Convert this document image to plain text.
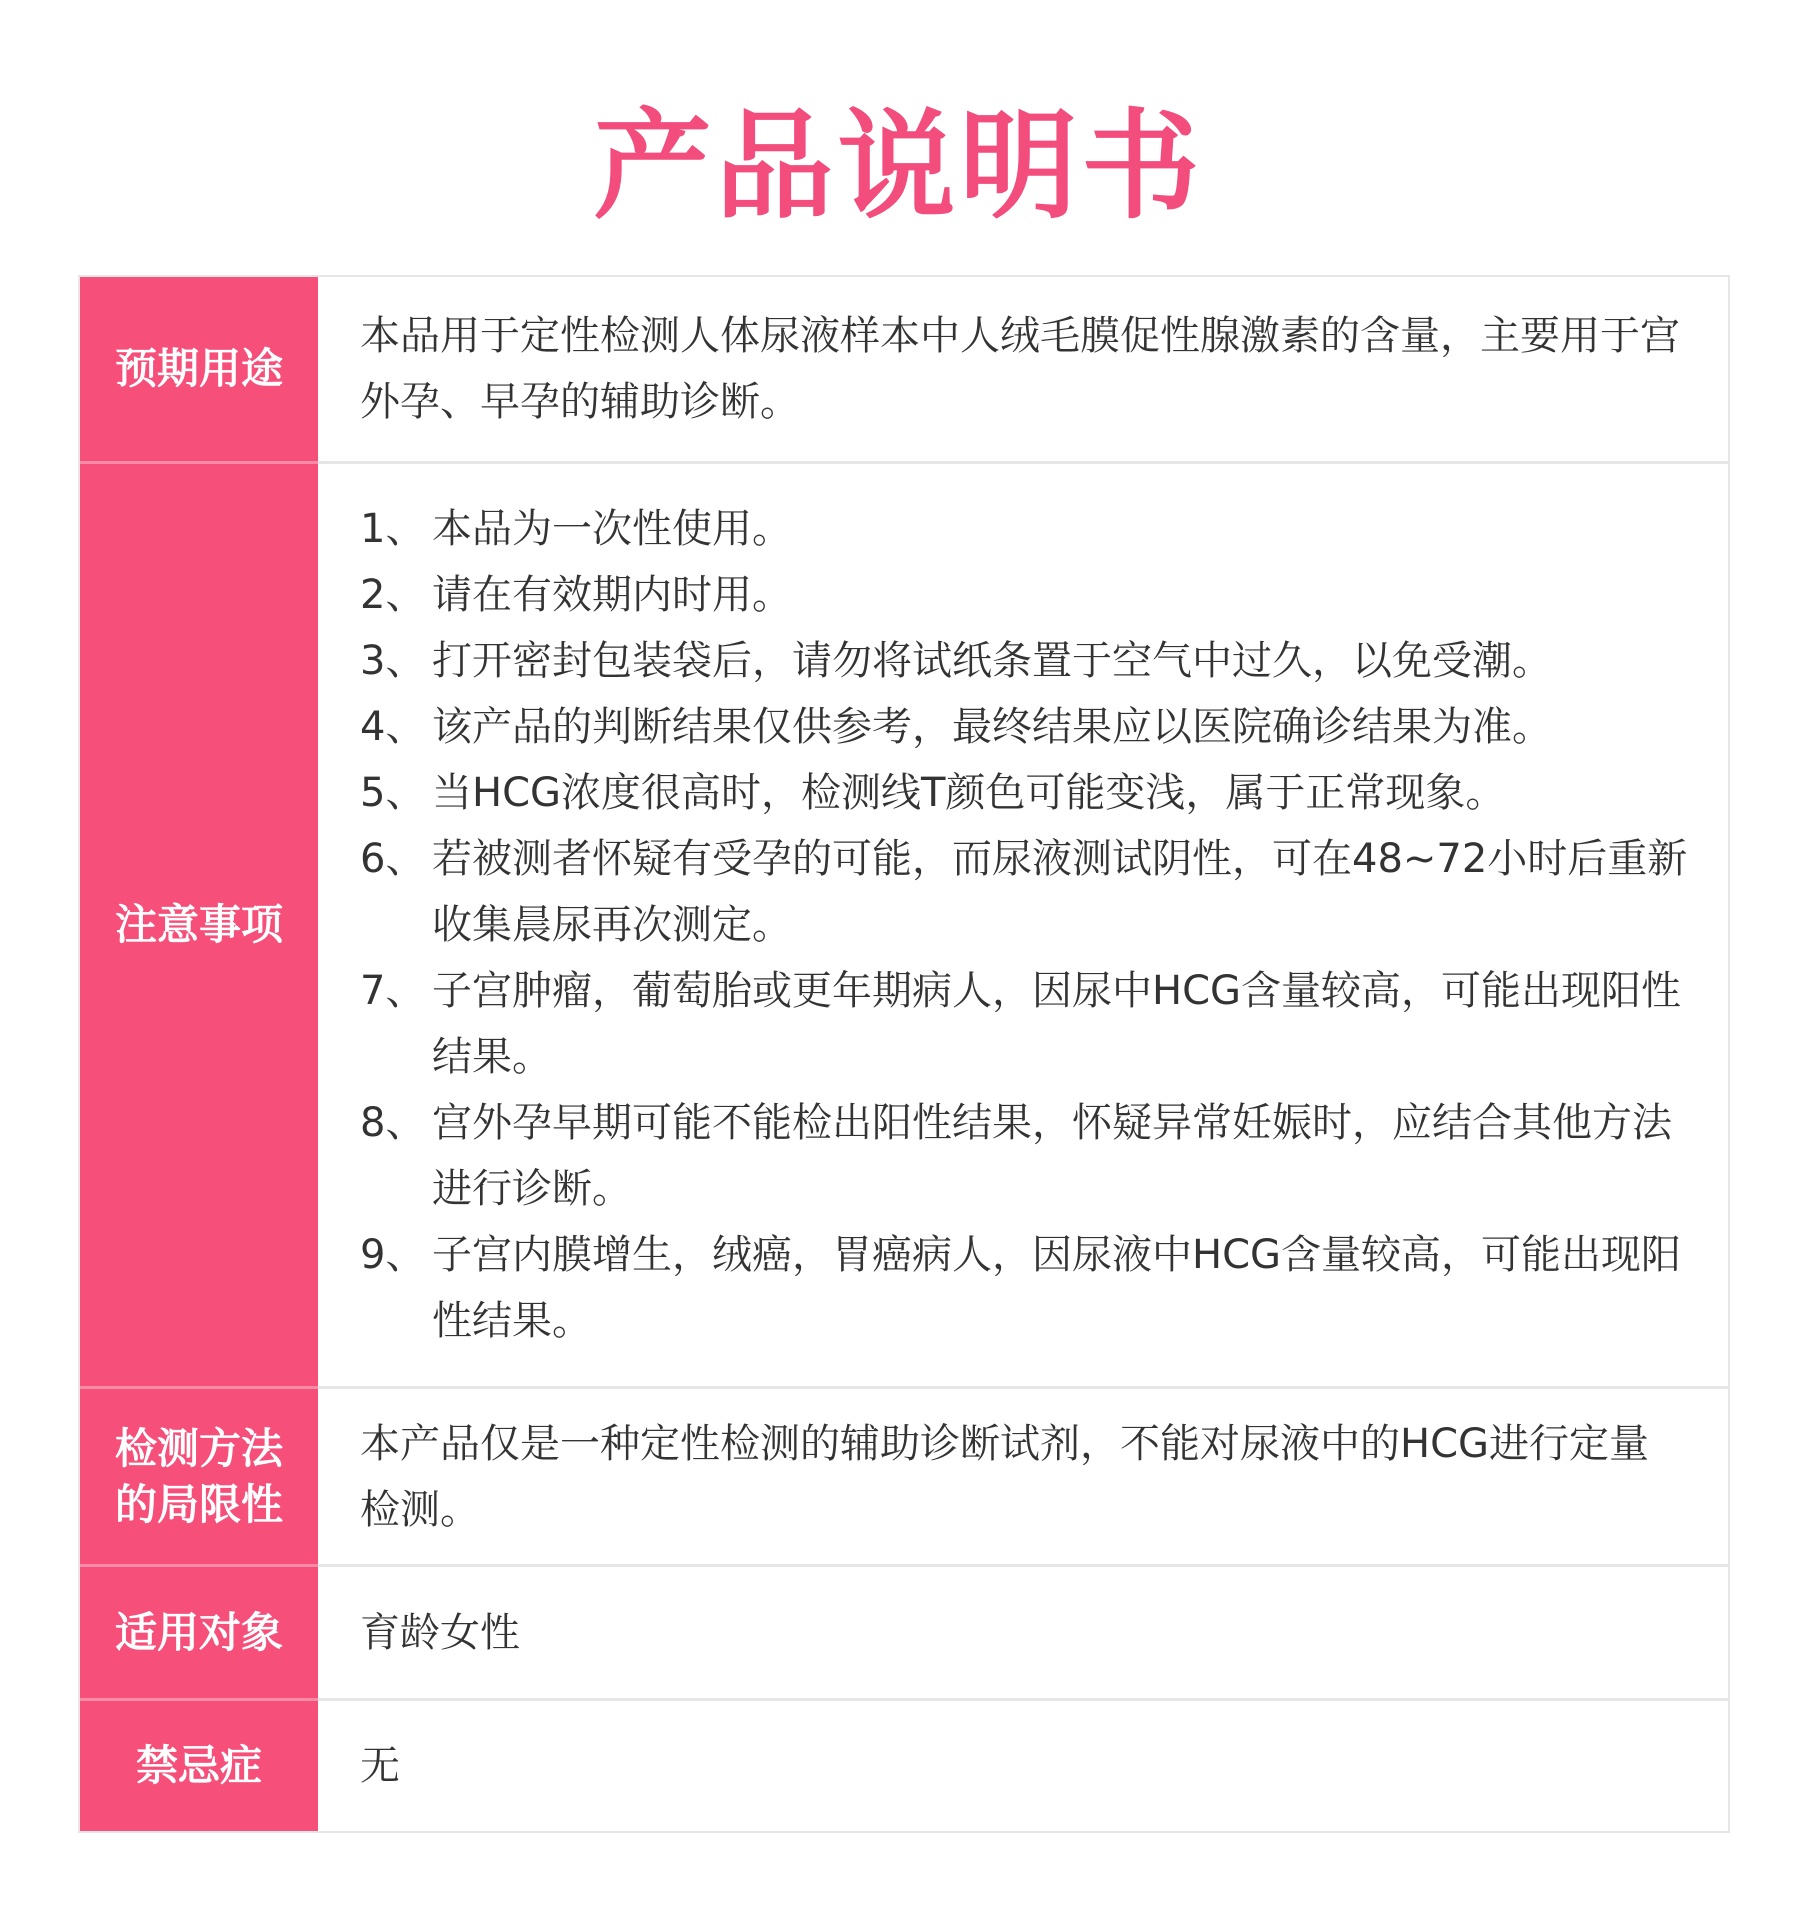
产品说明书
预期用途
本品用于定性检测人体尿液样本中人绒毛膜促性腺激素的含量，主要用于宫外孕、早孕的辅助诊断。
注意事项
1、 本品为一次性使用。
2、 请在有效期内时用。
3、 打开密封包装袋后，请勿将试纸条置于空气中过久，以免受潮。
4、 该产品的判断结果仅供参考，最终结果应以医院确诊结果为准。
5、 当HCG浓度很高时，检测线T颜色可能变浅，属于正常现象。
6、 若被测者怀疑有受孕的可能，而尿液测试阴性，可在48~72小时后重新收集晨尿再次测定。
7、 子宫肿瘤，葡萄胎或更年期病人，因尿中HCG含量较高，可能出现阳性结果。
8、 宫外孕早期可能不能检出阳性结果，怀疑异常妊娠时，应结合其他方法进行诊断。
9、 子宫内膜增生，绒癌，胃癌病人，因尿液中HCG含量较高，可能出现阳性结果。
检测方法
的局限性
本产品仅是一种定性检测的辅助诊断试剂，不能对尿液中的HCG进行定量检测。
适用对象	育龄女性
禁忌症	无
